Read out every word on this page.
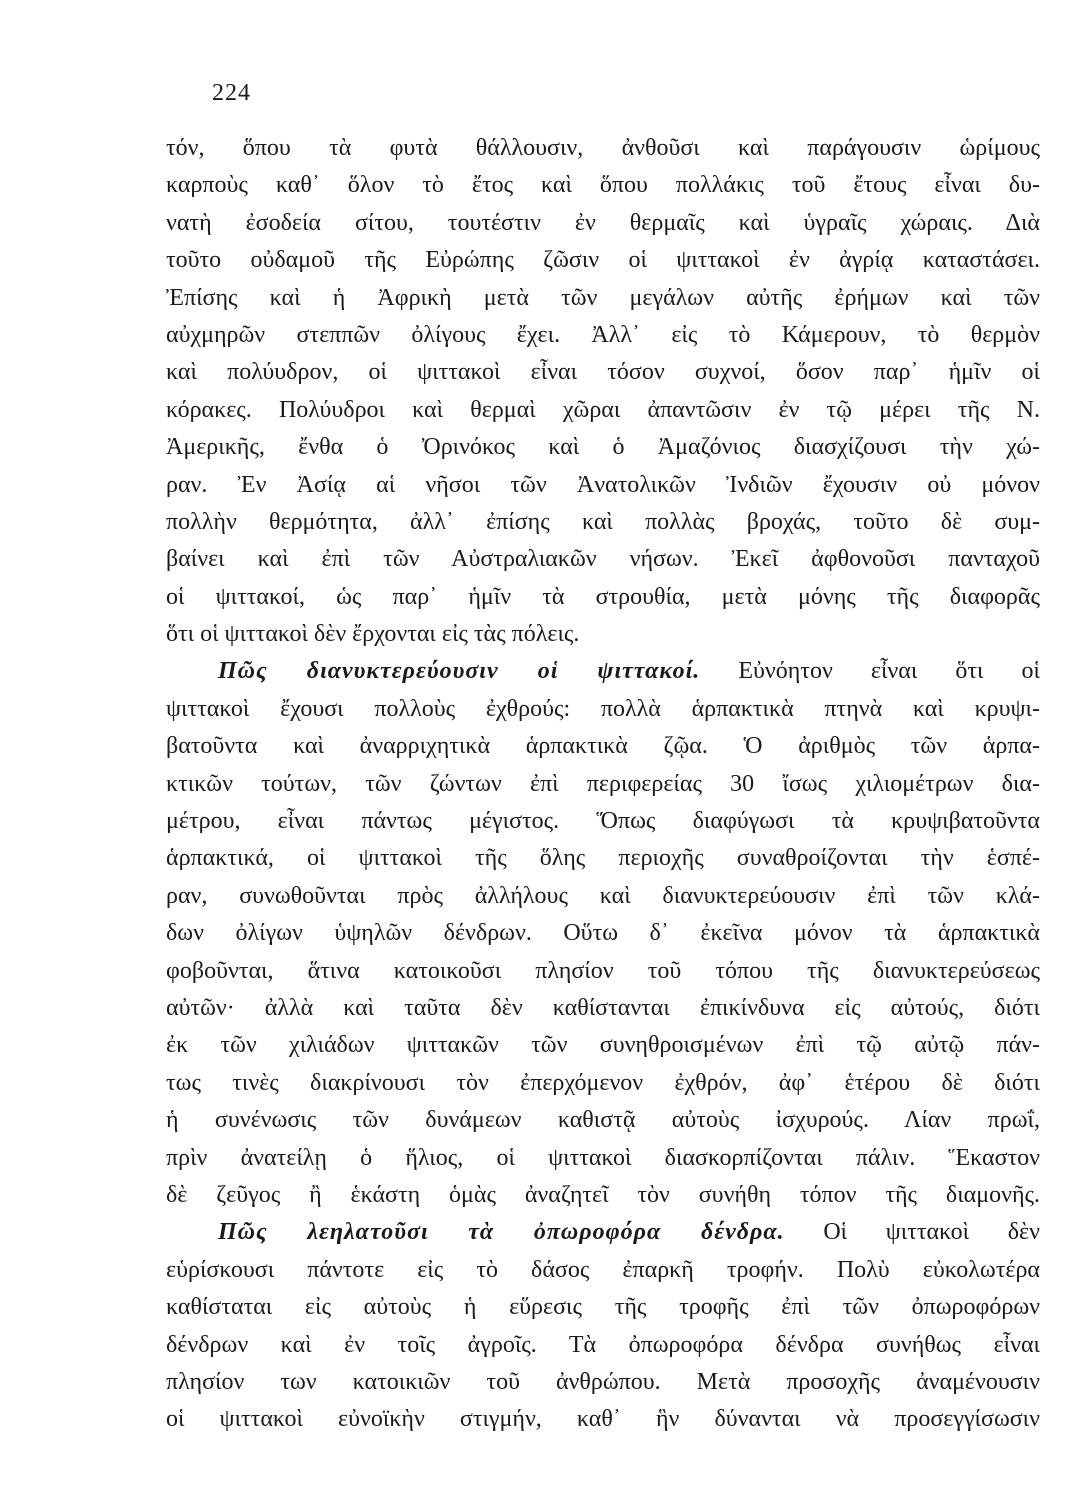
224
τόν, ὅπου τὰ φυτὰ θάλλουσιν, ἀνθοῦσι καὶ παράγουσιν ὡρίμους
καρποὺς καθ᾽ ὅλον τὸ ἔτος καὶ ὅπου πολλάκις τοῦ ἔτους εἶναι δυ-
νατὴ ἐσοδεία σίτου, τουτέστιν ἐν θερμαῖς καὶ ὑγραῖς χώραις. Διὰ
τοῦτο οὐδαμοῦ τῆς Εὐρώπης ζῶσιν οἱ ψιττακοὶ ἐν ἀγρίᾳ καταστάσει.
Ἐπίσης καὶ ἡ Ἀφρικὴ μετὰ τῶν μεγάλων αὐτῆς ἐρήμων καὶ τῶν
αὐχμηρῶν στεππῶν ὀλίγους ἔχει. Ἀλλ᾽ εἰς τὸ Κάμερουν, τὸ θερμὸν
καὶ πολύυδρον, οἱ ψιττακοὶ εἶναι τόσον συχνοί, ὅσον παρ᾽ ἡμῖν οἱ
κόρακες. Πολύυδροι καὶ θερμαὶ χῶραι ἀπαντῶσιν ἐν τῷ μέρει τῆς Ν.
Ἀμερικῆς, ἔνθα ὁ Ὀρινόκος καὶ ὁ Ἀμαζόνιος διασχίζουσι τὴν χώ-
ραν. Ἐν Ἀσίᾳ αἱ νῆσοι τῶν Ἀνατολικῶν Ἰνδιῶν ἔχουσιν οὐ μόνον
πολλὴν θερμότητα, ἀλλ᾽ ἐπίσης καὶ πολλὰς βροχάς, τοῦτο δὲ συμ-
βαίνει καὶ ἐπὶ τῶν Αὐστραλιακῶν νήσων. Ἐκεῖ ἀφθονοῦσι πανταχοῦ
οἱ ψιττακοί, ὡς παρ᾽ ἡμῖν τὰ στρουθία, μετὰ μόνης τῆς διαφορᾶς
ὅτι οἱ ψιττακοὶ δὲν ἔρχονται εἰς τὰς πόλεις.
Πῶς διανυκτερεύουσιν οἱ ψιττακοί. Εὐνόητον εἶναι ὅτι οἱ
ψιττακοὶ ἔχουσι πολλοὺς ἐχθρούς: πολλὰ ἁρπακτικὰ πτηνὰ καὶ κρυψι-
βατοῦντα καὶ ἀναρριχητικὰ ἁρπακτικὰ ζῷα. Ὁ ἀριθμὸς τῶν ἁρπα-
κτικῶν τούτων, τῶν ζώντων ἐπὶ περιφερείας 30 ἴσως χιλιομέτρων δια-
μέτρου, εἶναι πάντως μέγιστος. Ὅπως διαφύγωσι τὰ κρυψιβατοῦντα
ἁρπακτικά, οἱ ψιττακοὶ τῆς ὅλης περιοχῆς συναθροίζονται τὴν ἑσπέ-
ραν, συνωθοῦνται πρὸς ἀλλήλους καὶ διανυκτερεύουσιν ἐπὶ τῶν κλά-
δων ὀλίγων ὑψηλῶν δένδρων. Οὕτω δ᾽ ἐκεῖνα μόνον τὰ ἁρπακτικὰ
φοβοῦνται, ἅτινα κατοικοῦσι πλησίον τοῦ τόπου τῆς διανυκτερεύσεως
αὐτῶν· ἀλλὰ καὶ ταῦτα δὲν καθίστανται ἐπικίνδυνα εἰς αὐτούς, διότι
ἐκ τῶν χιλιάδων ψιττακῶν τῶν συνηθροισμένων ἐπὶ τῷ αὐτῷ πάν-
τως τινὲς διακρίνουσι τὸν ἐπερχόμενον ἐχθρόν, ἀφ᾽ ἑτέρου δὲ διότι
ἡ συνένωσις τῶν δυνάμεων καθιστᾷ αὐτοὺς ἰσχυρούς. Λίαν πρωΐ,
πρὶν ἀνατείλῃ ὁ ἥλιος, οἱ ψιττακοὶ διασκορπίζονται πάλιν. Ἕκαστον
δὲ ζεῦγος ἢ ἑκάστη ὁμὰς ἀναζητεῖ τὸν συνήθη τόπον τῆς διαμονῆς.
Πῶς λεηλατοῦσι τὰ ὀπωροφόρα δένδρα. Οἱ ψιττακοὶ δὲν
εὑρίσκουσι πάντοτε εἰς τὸ δάσος ἐπαρκῆ τροφήν. Πολὺ εὐκολωτέρα
καθίσταται εἰς αὐτοὺς ἡ εὕρεσις τῆς τροφῆς ἐπὶ τῶν ὀπωροφόρων
δένδρων καὶ ἐν τοῖς ἀγροῖς. Τὰ ὀπωροφόρα δένδρα συνήθως εἶναι
πλησίον των κατοικιῶν τοῦ ἀνθρώπου. Μετὰ προσοχῆς ἀναμένουσιν
οἱ ψιττακοὶ εὐνοϊκὴν στιγμήν, καθ᾽ ἣν δύνανται νὰ προσεγγίσωσιν
